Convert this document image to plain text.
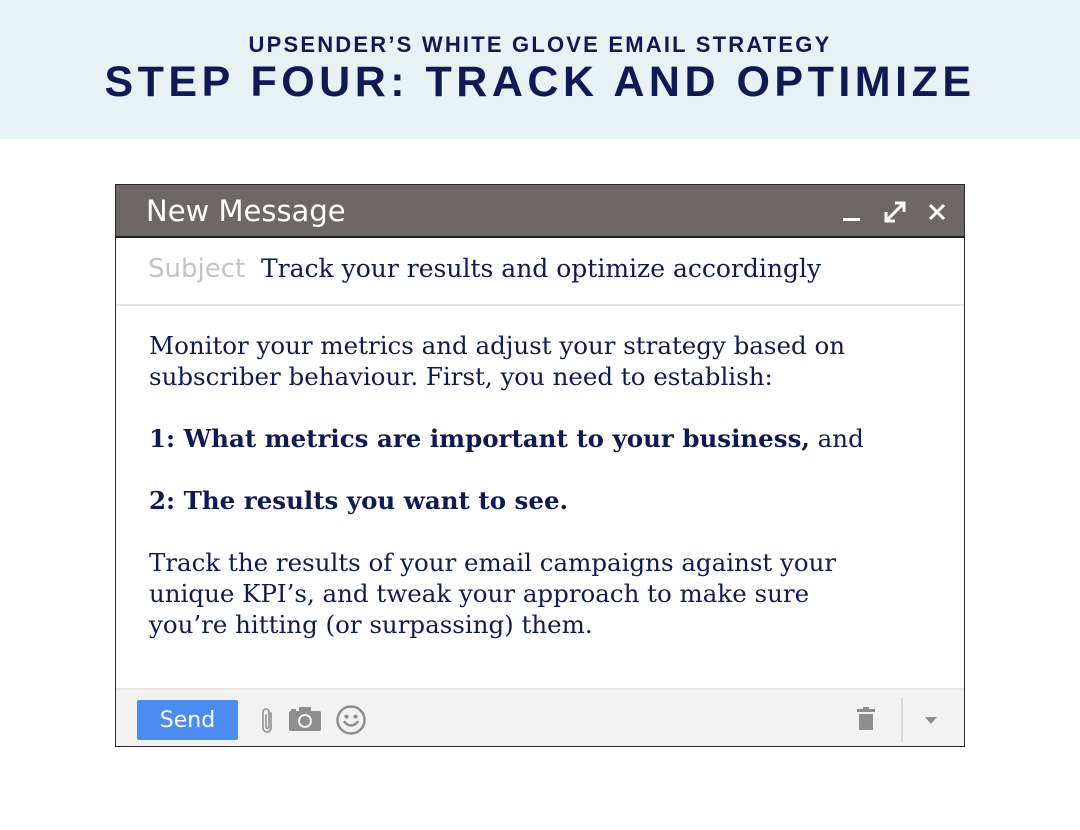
UPSENDER’S WHITE GLOVE EMAIL STRATEGY
STEP FOUR: TRACK AND OPTIMIZE
New Message
Subject Track your results and optimize accordingly

Monitor your metrics and adjust your strategy based on

subscriber behaviour. First, you need to establish:

1: What metrics are important to your business, and

2: The results you want to see.

Track the results of your email campaigns against your

unique KPI’s, and tweak your approach to make sure

you’re hitting (or surpassing) them.

Send
